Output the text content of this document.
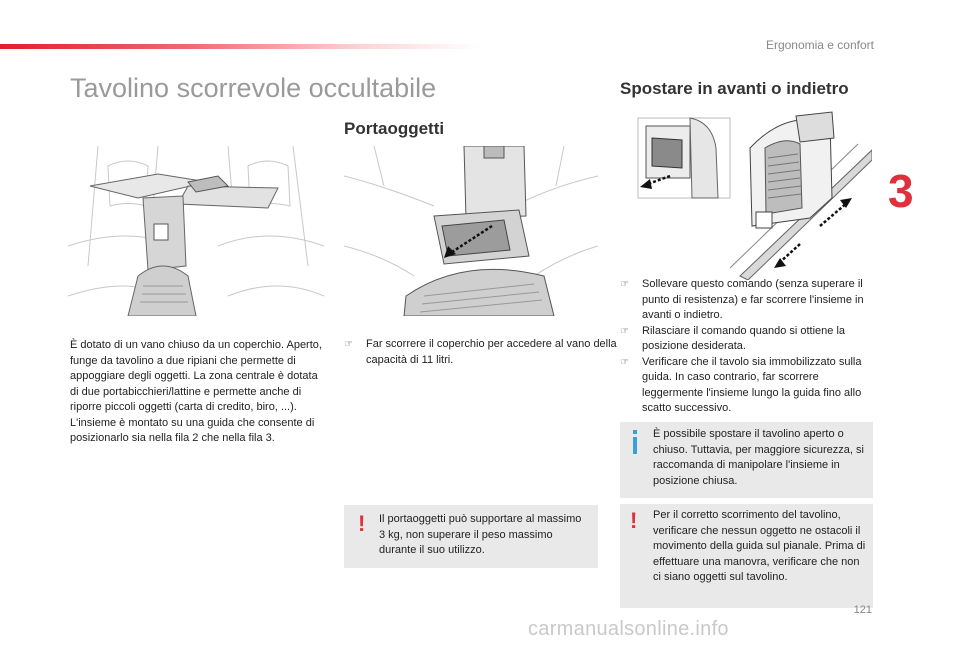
Ergonomia e confort
3
Tavolino scorrevole occultabile
È dotato di un vano chiuso da un coperchio. Aperto, funge da tavolino a due ripiani che permette di appoggiare degli oggetti. La zona centrale è dotata di due portabicchieri/lattine e permette anche di riporre piccoli oggetti (carta di credito, biro, ...).
L'insieme è montato su una guida che consente di posizionarlo sia nella fila 2 che nella fila 3.
Portaoggetti
☞ Far scorrere il coperchio per accedere al vano della capacità di 11 litri.
! Il portaoggetti può supportare al massimo 3 kg, non superare il peso massimo durante il suo utilizzo.
Spostare in avanti o indietro
☞ Sollevare questo comando (senza superare il punto di resistenza) e far scorrere l'insieme in avanti o indietro.
☞ Rilasciare il comando quando si ottiene la posizione desiderata.
☞ Verificare che il tavolo sia immobilizzato sulla guida. In caso contrario, far scorrere leggermente l'insieme lungo la guida fino allo scatto successivo.
È possibile spostare il tavolino aperto o chiuso. Tuttavia, per maggiore sicurezza, si raccomanda di manipolare l'insieme in posizione chiusa.
! Per il corretto scorrimento del tavolino, verificare che nessun oggetto ne ostacoli il movimento della guida sul pianale. Prima di effettuare una manovra, verificare che non ci siano oggetti sul tavolino.
121
carmanualsonline.info
